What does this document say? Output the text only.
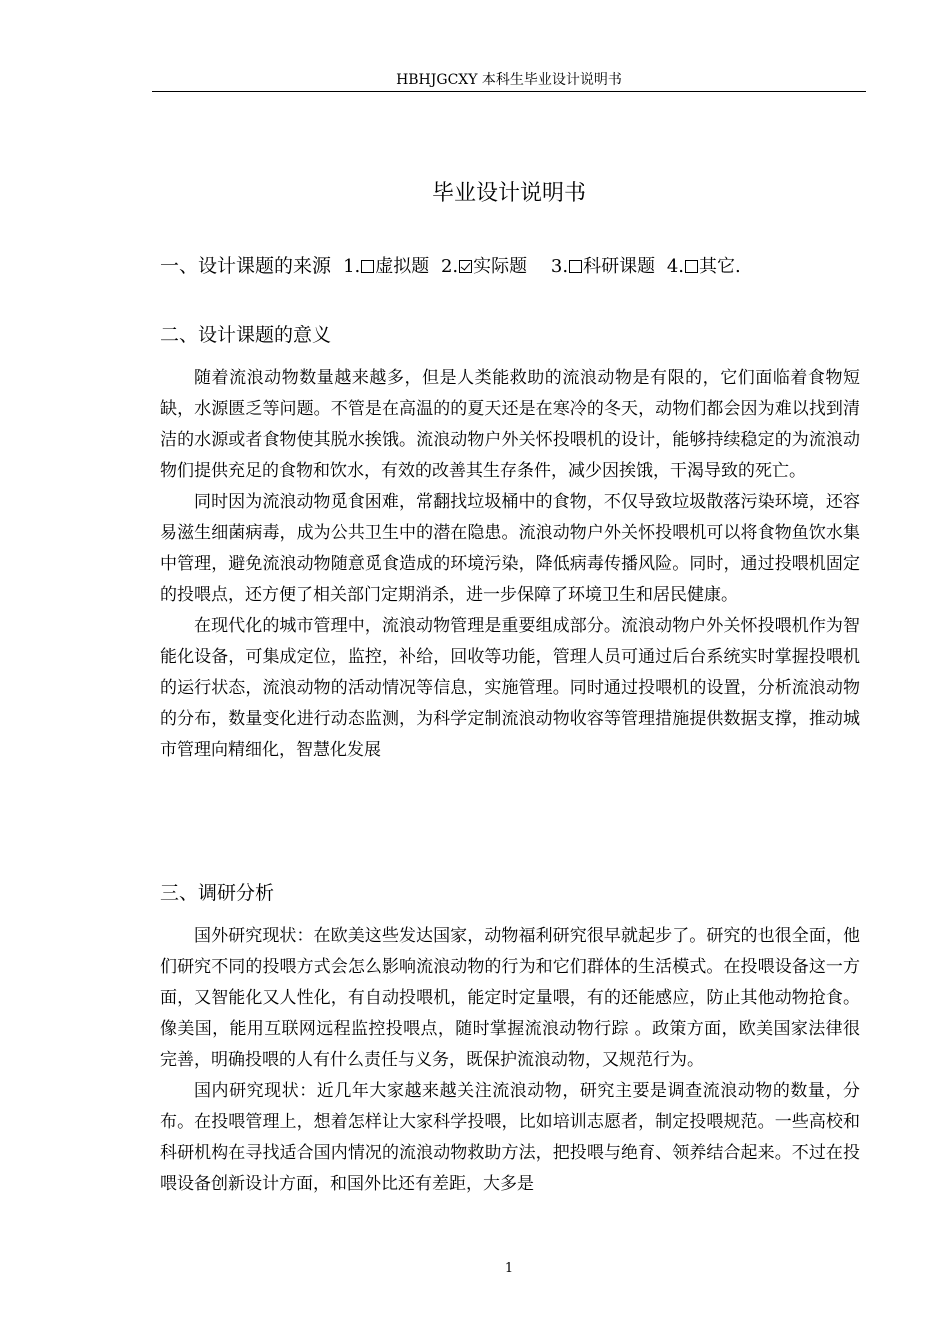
HBHJGCXY 本科生毕业设计说明书
毕业设计说明书
一、设计课题的来源 1. 虚拟题 2. 实际题 3. 科研课题 4. 其它.
二、设计课题的意义

随着流浪动物数量越来越多，但是人类能救助的流浪动物是有限的，它们面临着食物短缺，水源匮乏等问题。不管是在高温的的夏天还是在寒冷的冬天，动物们都会因为难以找到清洁的水源或者食物使其脱水挨饿。流浪动物户外关怀投喂机的设计，能够持续稳定的为流浪动物们提供充足的食物和饮水，有效的改善其生存条件，减少因挨饿，干渴导致的死亡。

同时因为流浪动物觅食困难，常翻找垃圾桶中的食物，不仅导致垃圾散落污染环境，还容易滋生细菌病毒，成为公共卫生中的潜在隐患。流浪动物户外关怀投喂机可以将食物鱼饮水集中管理，避免流浪动物随意觅食造成的环境污染，降低病毒传播风险。同时，通过投喂机固定的投喂点，还方便了相关部门定期消杀，进一步保障了环境卫生和居民健康。

在现代化的城市管理中，流浪动物管理是重要组成部分。流浪动物户外关怀投喂机作为智能化设备，可集成定位，监控，补给，回收等功能，管理人员可通过后台系统实时掌握投喂机的运行状态，流浪动物的活动情况等信息，实施管理。同时通过投喂机的设置，分析流浪动物的分布，数量变化进行动态监测，为科学定制流浪动物收容等管理措施提供数据支撑，推动城市管理向精细化，智慧化发展

三、调研分析

国外研究现状：在欧美这些发达国家，动物福利研究很早就起步了。研究的也很全面，他们研究不同的投喂方式会怎么影响流浪动物的行为和它们群体的生活模式。在投喂设备这一方面，又智能化又人性化，有自动投喂机，能定时定量喂，有的还能感应，防止其他动物抢食。像美国，能用互联网远程监控投喂点，随时掌握流浪动物行踪 。政策方面，欧美国家法律很完善，明确投喂的人有什么责任与义务，既保护流浪动物，又规范行为。

国内研究现状：近几年大家越来越关注流浪动物，研究主要是调查流浪动物的数量，分布。在投喂管理上，想着怎样让大家科学投喂，比如培训志愿者，制定投喂规范。一些高校和科研机构在寻找适合国内情况的流浪动物救助方法，把投喂与绝育、领养结合起来。不过在投喂设备创新设计方面，和国外比还有差距，大多是

1
